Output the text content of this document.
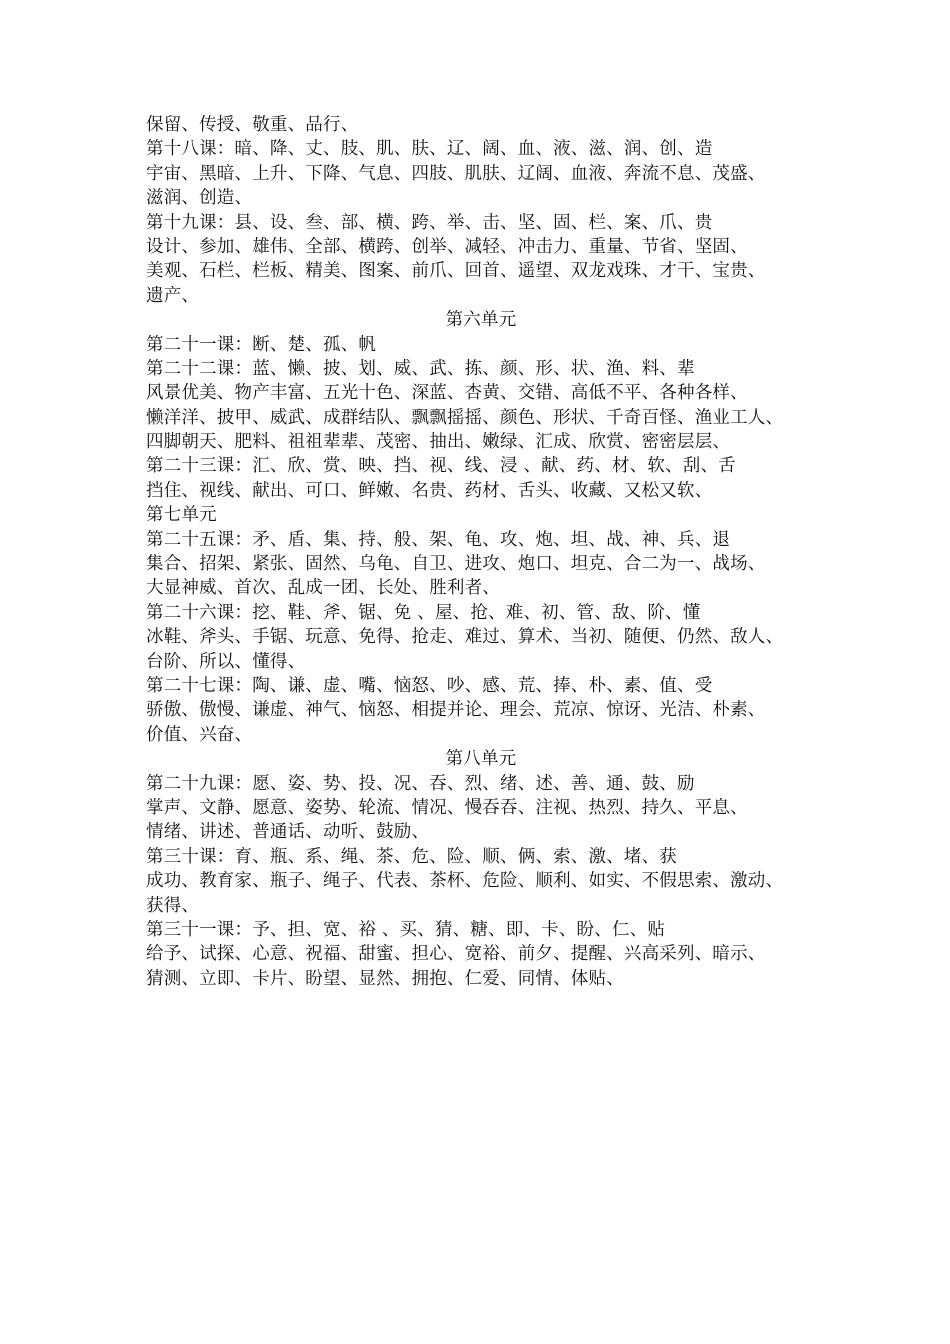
保留、传授、敬重、品行、
第十八课：暗、降、丈、肢、肌、肤、辽、阔、血、液、滋、润、创、造
宇宙、黑暗、上升、下降、气息、四肢、肌肤、辽阔、血液、奔流不息、茂盛、
滋润、创造、
第十九课：县、设、叁、部、横、跨、举、击、坚、固、栏、案、爪、贵
设计、参加、雄伟、全部、横跨、创举、减轻、冲击力、重量、节省、坚固、
美观、石栏、栏板、精美、图案、前爪、回首、遥望、双龙戏珠、才干、宝贵、
遗产、
第六单元
第二十一课：断、楚、孤、帆
第二十二课：蓝、懒、披、划、威、武、拣、颜、形、状、渔、料、辈
风景优美、物产丰富、五光十色、深蓝、杏黄、交错、高低不平、各种各样、
懒洋洋、披甲、威武、成群结队、飘飘摇摇、颜色、形状、千奇百怪、渔业工人、
四脚朝天、肥料、祖祖辈辈、茂密、抽出、嫩绿、汇成、欣赏、密密层层、
第二十三课：汇、欣、赏、映、挡、视、线、浸 、献、药、材、软、刮、舌
挡住、视线、献出、可口、鲜嫩、名贵、药材、舌头、收藏、又松又软、
第七单元
第二十五课：矛、盾、集、持、般、架、龟、攻、炮、坦、战、神、兵、退
集合、招架、紧张、固然、乌龟、自卫、进攻、炮口、坦克、合二为一、战场、
大显神威、首次、乱成一团、长处、胜利者、
第二十六课：挖、鞋、斧、锯、免 、屋、抢、难、初、管、敌、阶、懂
冰鞋、斧头、手锯、玩意、免得、抢走、难过、算术、当初、随便、仍然、敌人、
台阶、所以、懂得、
第二十七课：陶、谦、虚、嘴、恼怒、吵、感、荒、捧、朴、素、值、受
骄傲、傲慢、谦虚、神气、恼怒、相提并论、理会、荒凉、惊讶、光洁、朴素、
价值、兴奋、
第八单元
第二十九课：愿、姿、势、投、况、吞、烈、绪、述、善、通、鼓、励
掌声、文静、愿意、姿势、轮流、情况、慢吞吞、注视、热烈、持久、平息、
情绪、讲述、普通话、动听、鼓励、
第三十课：育、瓶、系、绳、茶、危、险、顺、俩、索、激、堵、获
成功、教育家、瓶子、绳子、代表、茶杯、危险、顺利、如实、不假思索、激动、
获得、
第三十一课：予、担、宽、裕 、买、猜、糖、即、卡、盼、仁、贴
给予、试探、心意、祝福、甜蜜、担心、宽裕、前夕、提醒、兴高采列、暗示、
猜测、立即、卡片、盼望、显然、拥抱、仁爱、同情、体贴、
